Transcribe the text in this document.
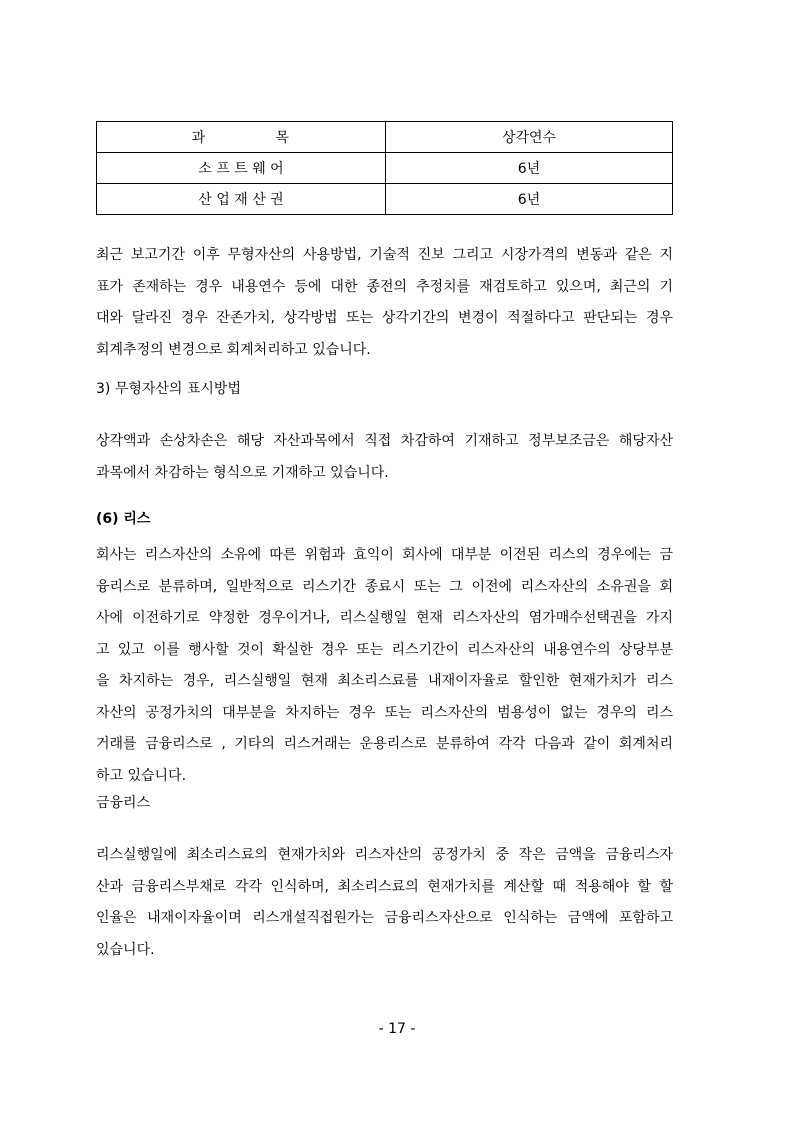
과 목	상각연수
소 프 트 웨 어	6년
산 업 재 산 권	6년
최근 보고기간 이후 무형자산의 사용방법, 기술적 진보 그리고 시장가격의 변동과 같은 지
표가 존재하는 경우 내용연수 등에 대한 종전의 추정치를 재검토하고 있으며, 최근의 기
대와 달라진 경우 잔존가치, 상각방법 또는 상각기간의 변경이 적절하다고 판단되는 경우
회계추정의 변경으로 회계처리하고 있습니다.

3) 무형자산의 표시방법

상각액과 손상차손은 해당 자산과목에서 직접 차감하여 기재하고 정부보조금은 해당자산
과목에서 차감하는 형식으로 기재하고 있습니다.

(6) 리스

회사는 리스자산의 소유에 따른 위험과 효익이 회사에 대부분 이전된 리스의 경우에는 금
융리스로 분류하며, 일반적으로 리스기간 종료시 또는 그 이전에 리스자산의 소유권을 회
사에 이전하기로 약정한 경우이거나, 리스실행일 현재 리스자산의 염가매수선택권을 가지
고 있고 이를 행사할 것이 확실한 경우 또는 리스기간이 리스자산의 내용연수의 상당부분
을 차지하는 경우, 리스실행일 현재 최소리스료를 내재이자율로 할인한 현재가치가 리스
자산의 공정가치의 대부분을 차지하는 경우 또는 리스자산의 범용성이 없는 경우의 리스
거래를 금융리스로 , 기타의 리스거래는 운용리스로 분류하여 각각 다음과 같이 회계처리
하고 있습니다.

금융리스

리스실행일에 최소리스료의 현재가치와 리스자산의 공정가치 중 작은 금액을 금융리스자
산과 금융리스부채로 각각 인식하며, 최소리스료의 현재가치를 계산할 때 적용해야 할 할
인율은 내재이자율이며 리스개설직접원가는 금융리스자산으로 인식하는 금액에 포함하고
있습니다.

- 17 -
